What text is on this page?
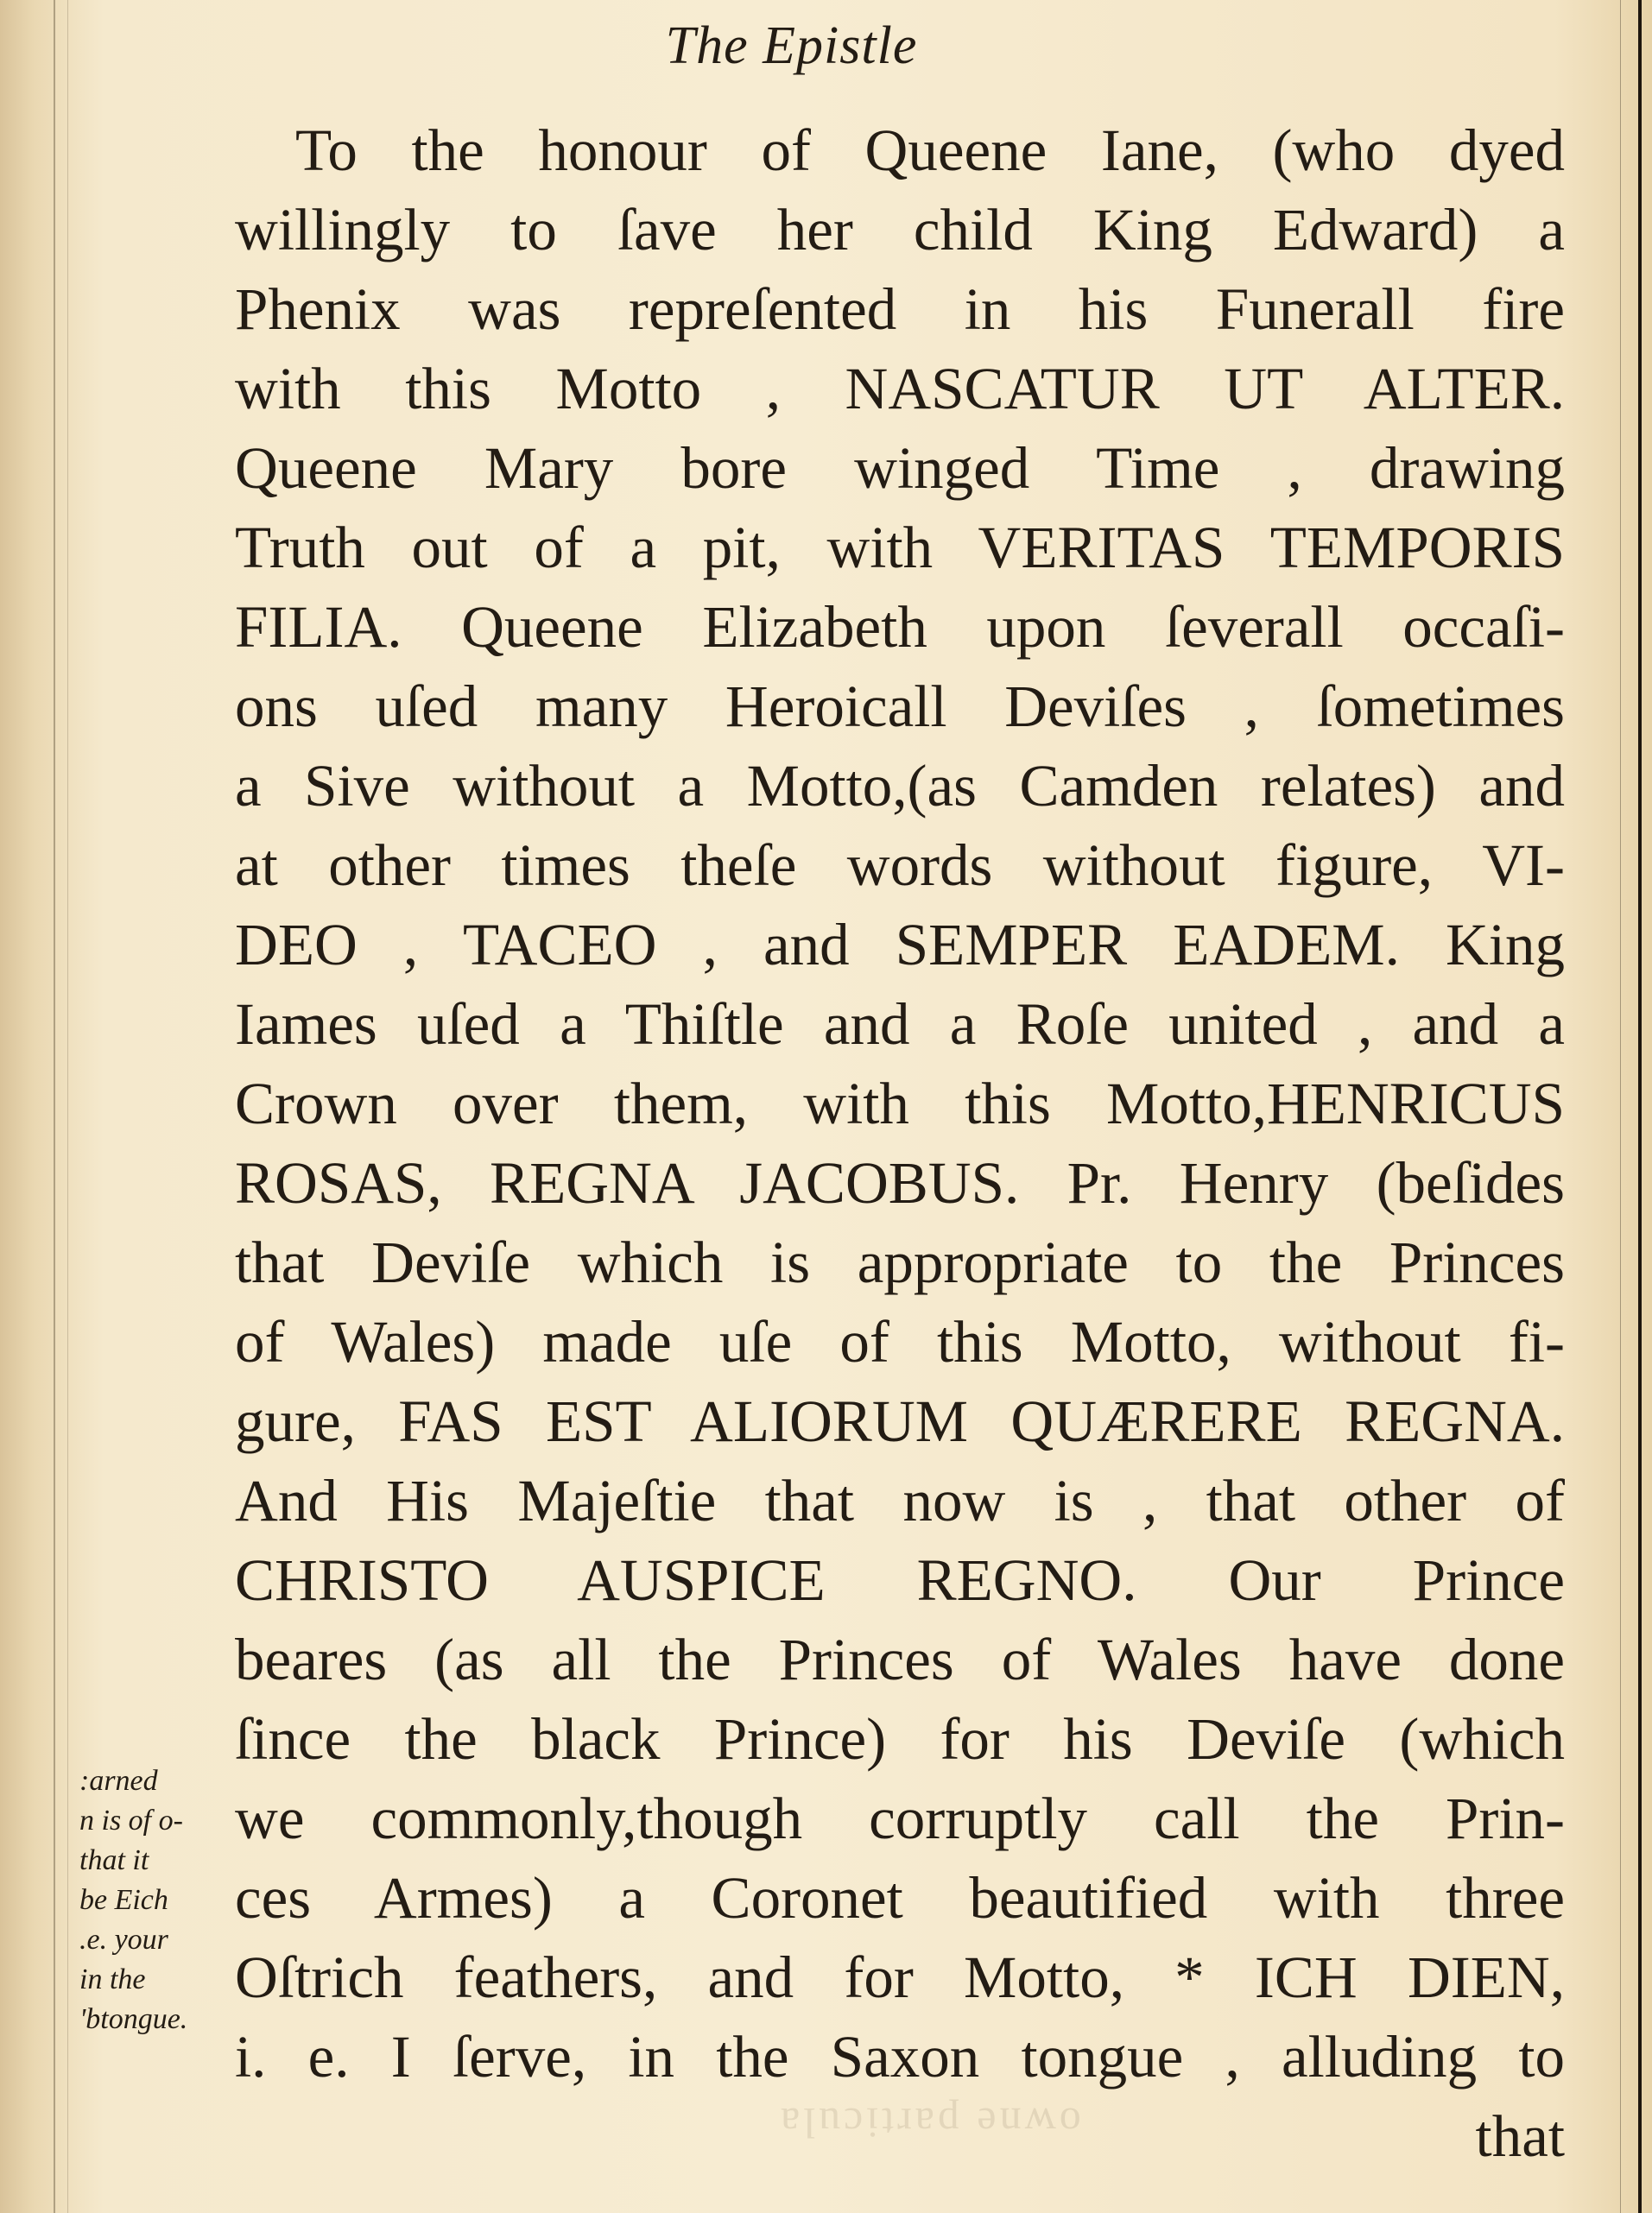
The Epistle
To the honour of Queene Iane, (who dyed
willingly to ſave her child King Edward) a
Phenix was repreſented in his Funerall fire
with this Motto , NASCATUR UT ALTER.
Queene Mary bore winged Time , drawing
Truth out of a pit, with VERITAS TEMPORIS
FILIA. Queene Elizabeth upon ſeverall occaſi-
ons uſed many Heroicall Deviſes , ſometimes
a Sive without a Motto,(as Camden relates) and
at other times theſe words without figure, VI-
DEO , TACEO , and SEMPER EADEM. King
Iames uſed a Thiſtle and a Roſe united , and a
Crown over them, with this Motto,HENRICUS
ROSAS, REGNA JACOBUS. Pr. Henry (beſides
that Deviſe which is appropriate to the Princes
of Wales) made uſe of this Motto, without fi-
gure, FAS EST ALIORUM QUÆRERE REGNA.
And His Majeſtie that now is , that other of
CHRISTO AUSPICE REGNO. Our Prince
beares (as all the Princes of Wales have done
ſince the black Prince) for his Deviſe (which
we commonly,though corruptly call the Prin-
ces Armes) a Coronet beautified with three
Oſtrich feathers, and for Motto, * ICH DIEN,
i. e. I ſerve, in the Saxon tongue , alluding to
that
:arned
n is of o-
that it
be Eich
.e. your
in the
'btongue.
owne particula
